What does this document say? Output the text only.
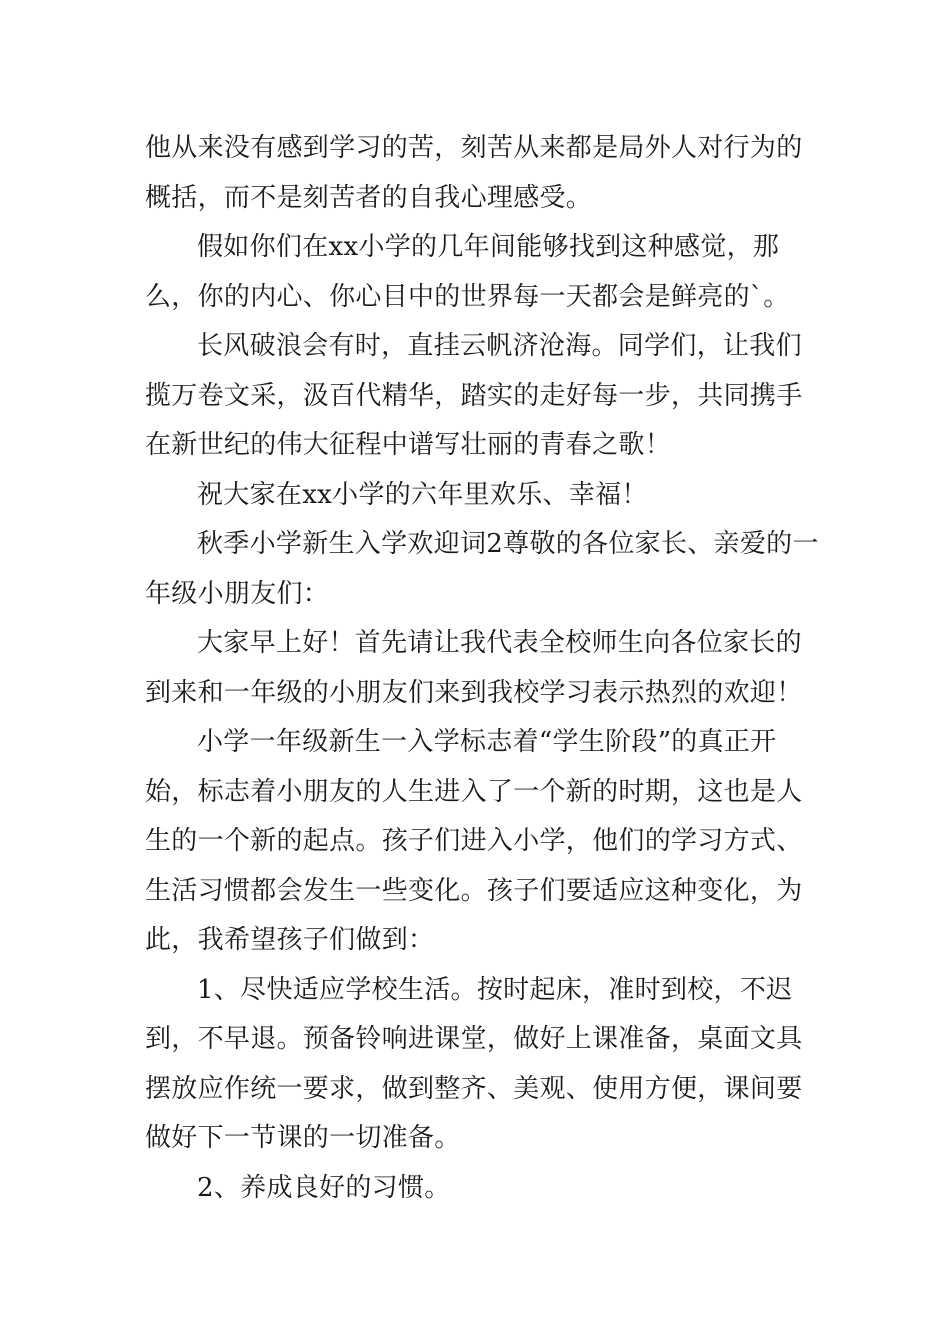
他从来没有感到学习的苦，刻苦从来都是局外人对行为的概括，而不是刻苦者的自我心理感受。

假如你们在xx小学的几年间能够找到这种感觉，那么，你的内心、你心目中的世界每一天都会是鲜亮的`。

长风破浪会有时，直挂云帆济沧海。同学们，让我们揽万卷文采，汲百代精华，踏实的走好每一步，共同携手在新世纪的伟大征程中谱写壮丽的青春之歌！

祝大家在xx小学的六年里欢乐、幸福！

秋季小学新生入学欢迎词2尊敬的各位家长、亲爱的一年级小朋友们：

大家早上好！首先请让我代表全校师生向各位家长的到来和一年级的小朋友们来到我校学习表示热烈的欢迎！

小学一年级新生一入学标志着“学生阶段”的真正开始，标志着小朋友的人生进入了一个新的时期，这也是人生的一个新的起点。孩子们进入小学，他们的学习方式、生活习惯都会发生一些变化。孩子们要适应这种变化，为此，我希望孩子们做到：

1、尽快适应学校生活。按时起床，准时到校，不迟到，不早退。预备铃响进课堂，做好上课准备，桌面文具摆放应作统一要求，做到整齐、美观、使用方便，课间要做好下一节课的一切准备。

2、养成良好的习惯。
